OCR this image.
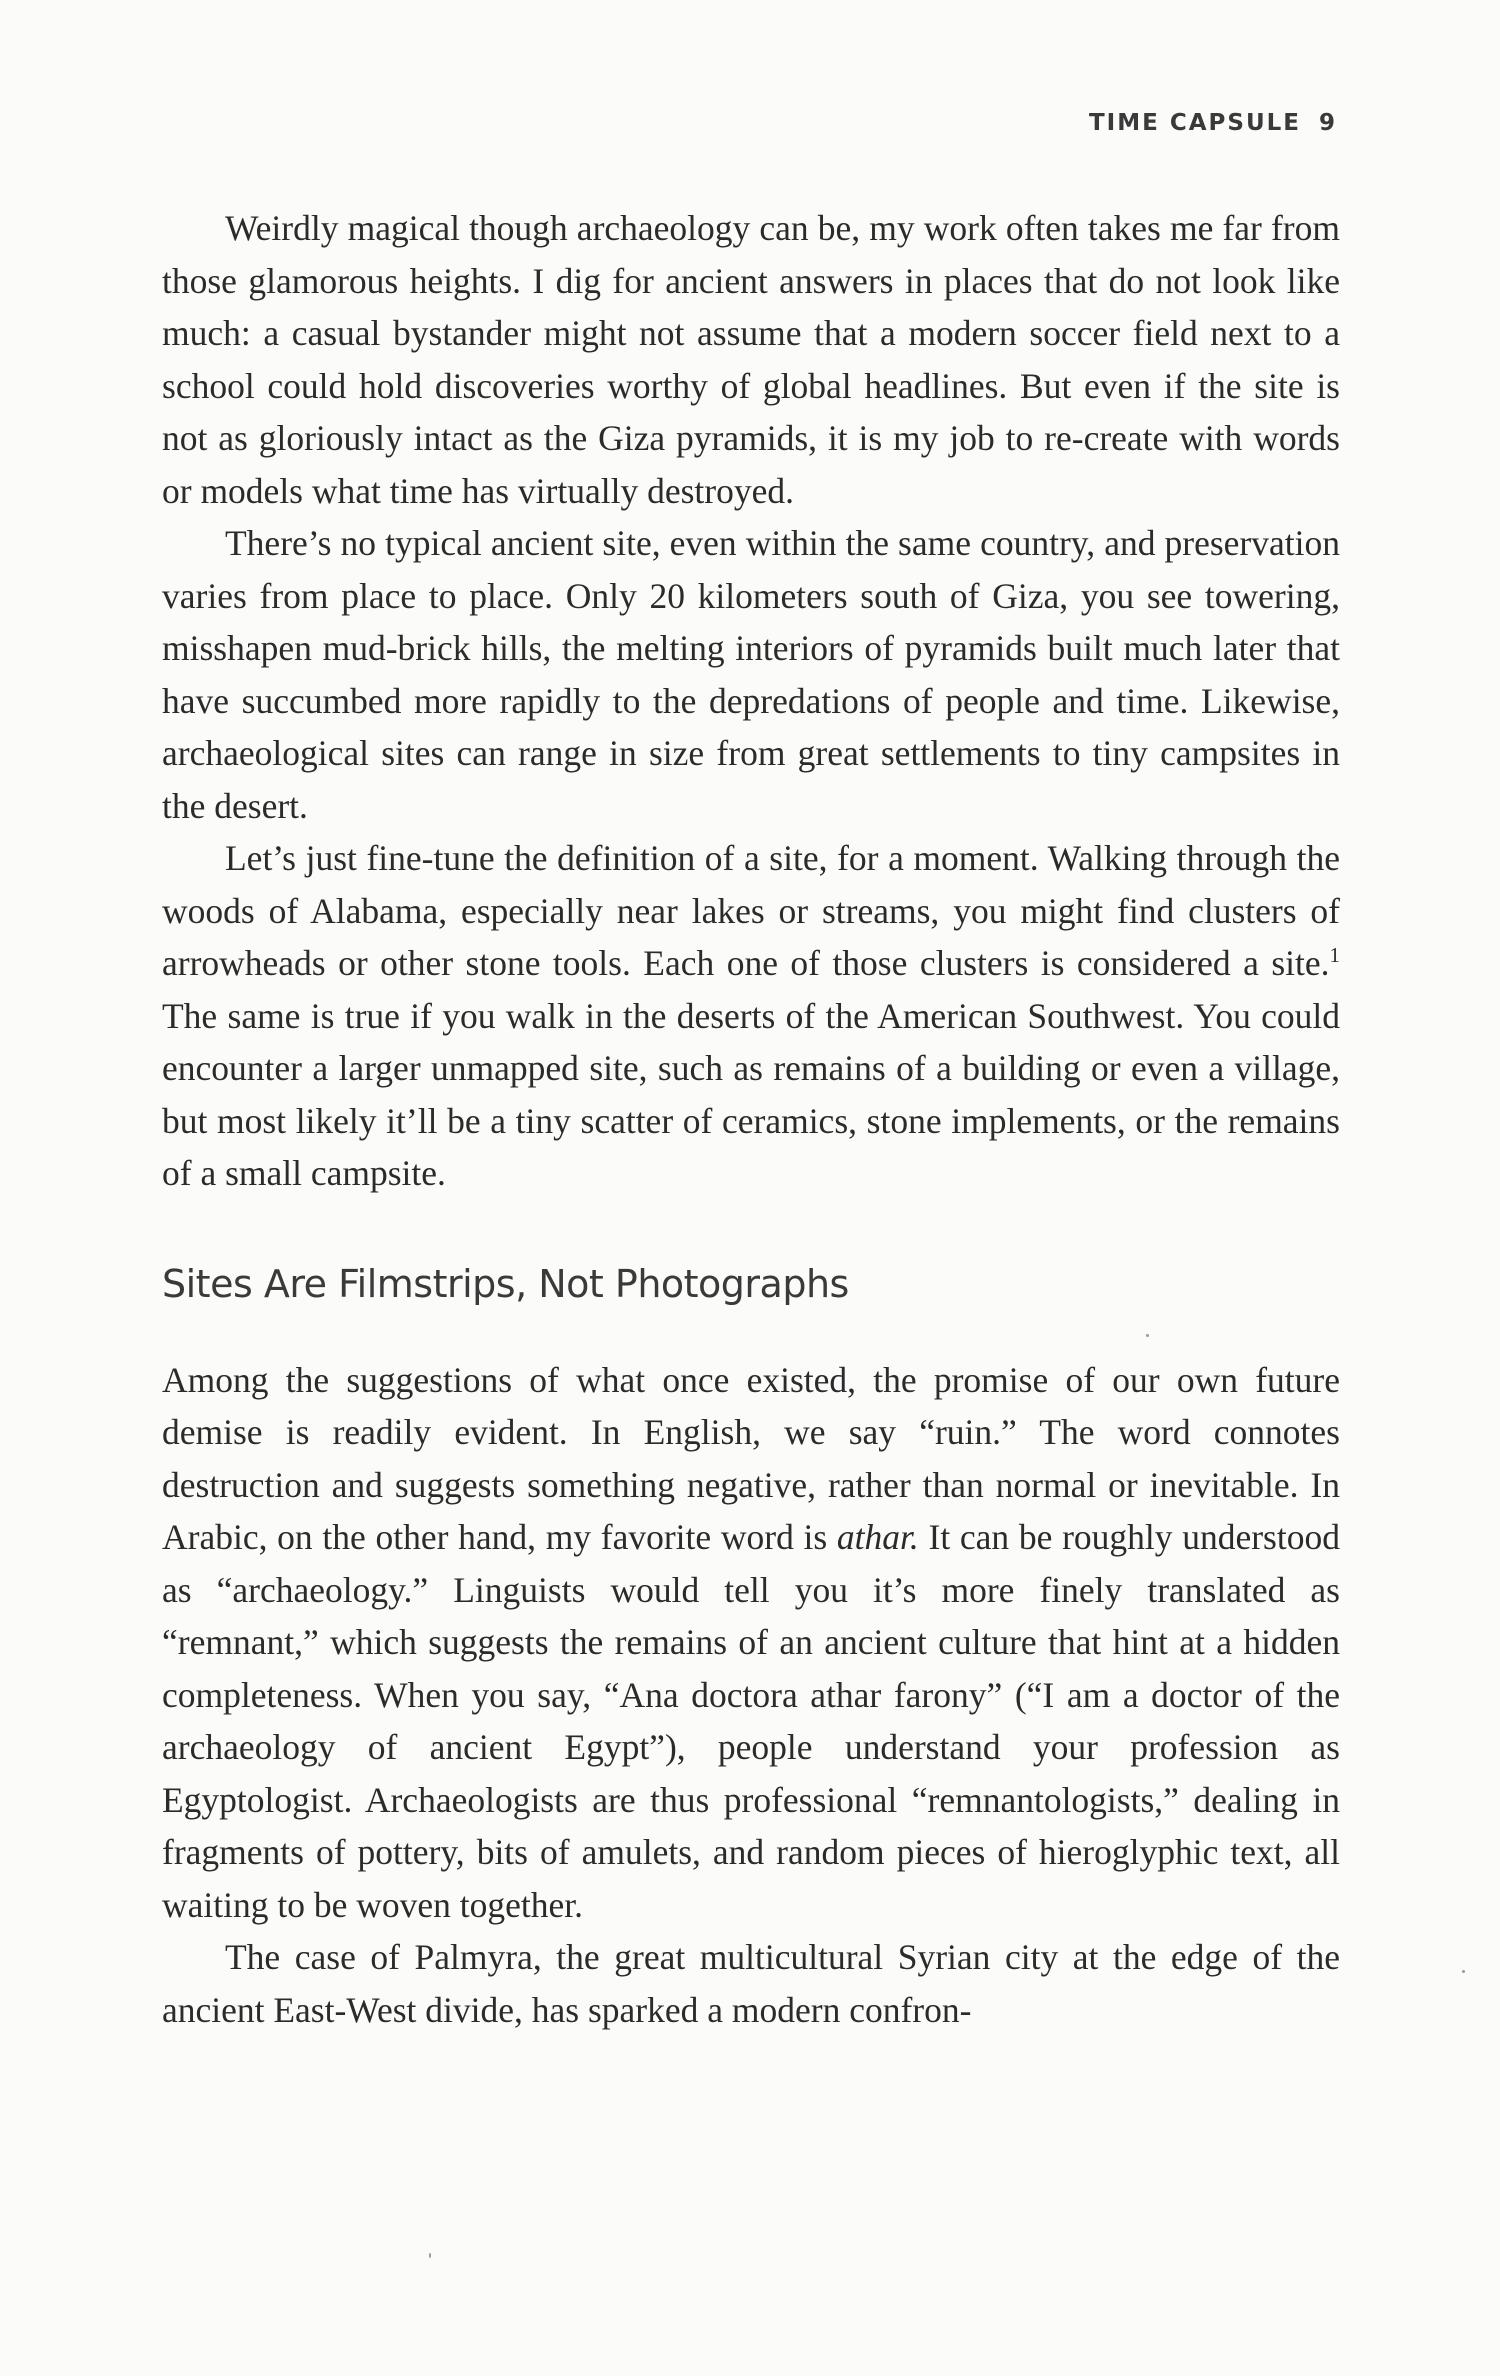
TIME CAPSULE 9

Weirdly magical though archaeology can be, my work often takes me far from those glamorous heights. I dig for ancient answers in places that do not look like much: a casual bystander might not assume that a modern soccer field next to a school could hold discoveries worthy of global headlines. But even if the site is not as gloriously intact as the Giza pyramids, it is my job to re-create with words or models what time has virtually destroyed.

There’s no typical ancient site, even within the same country, and preservation varies from place to place. Only 20 kilometers south of Giza, you see towering, misshapen mud-brick hills, the melting interiors of pyramids built much later that have succumbed more rapidly to the depredations of people and time. Likewise, archaeological sites can range in size from great settlements to tiny campsites in the desert.

Let’s just fine-tune the definition of a site, for a moment. Walking through the woods of Alabama, especially near lakes or streams, you might find clusters of arrowheads or other stone tools. Each one of those clusters is considered a site.$^1$ The same is true if you walk in the deserts of the American Southwest. You could encounter a larger unmapped site, such as remains of a building or even a village, but most likely it’ll be a tiny scatter of ceramics, stone implements, or the remains of a small campsite.

Sites Are Filmstrips, Not Photographs

Among the suggestions of what once existed, the promise of our own future demise is readily evident. In English, we say “ruin.” The word connotes destruction and suggests something negative, rather than normal or inevitable. In Arabic, on the other hand, my favorite word is athar. It can be roughly understood as “archaeology.” Linguists would tell you it’s more finely translated as “remnant,” which suggests the remains of an ancient culture that hint at a hidden completeness. When you say, “Ana doctora athar farony” (“I am a doctor of the archaeology of ancient Egypt”), people understand your profession as Egyptologist. Archaeologists are thus professional “remnantologists,” dealing in fragments of pottery, bits of amulets, and random pieces of hieroglyphic text, all waiting to be woven together.

The case of Palmyra, the great multicultural Syrian city at the edge of the ancient East-West divide, has sparked a modern confron-
